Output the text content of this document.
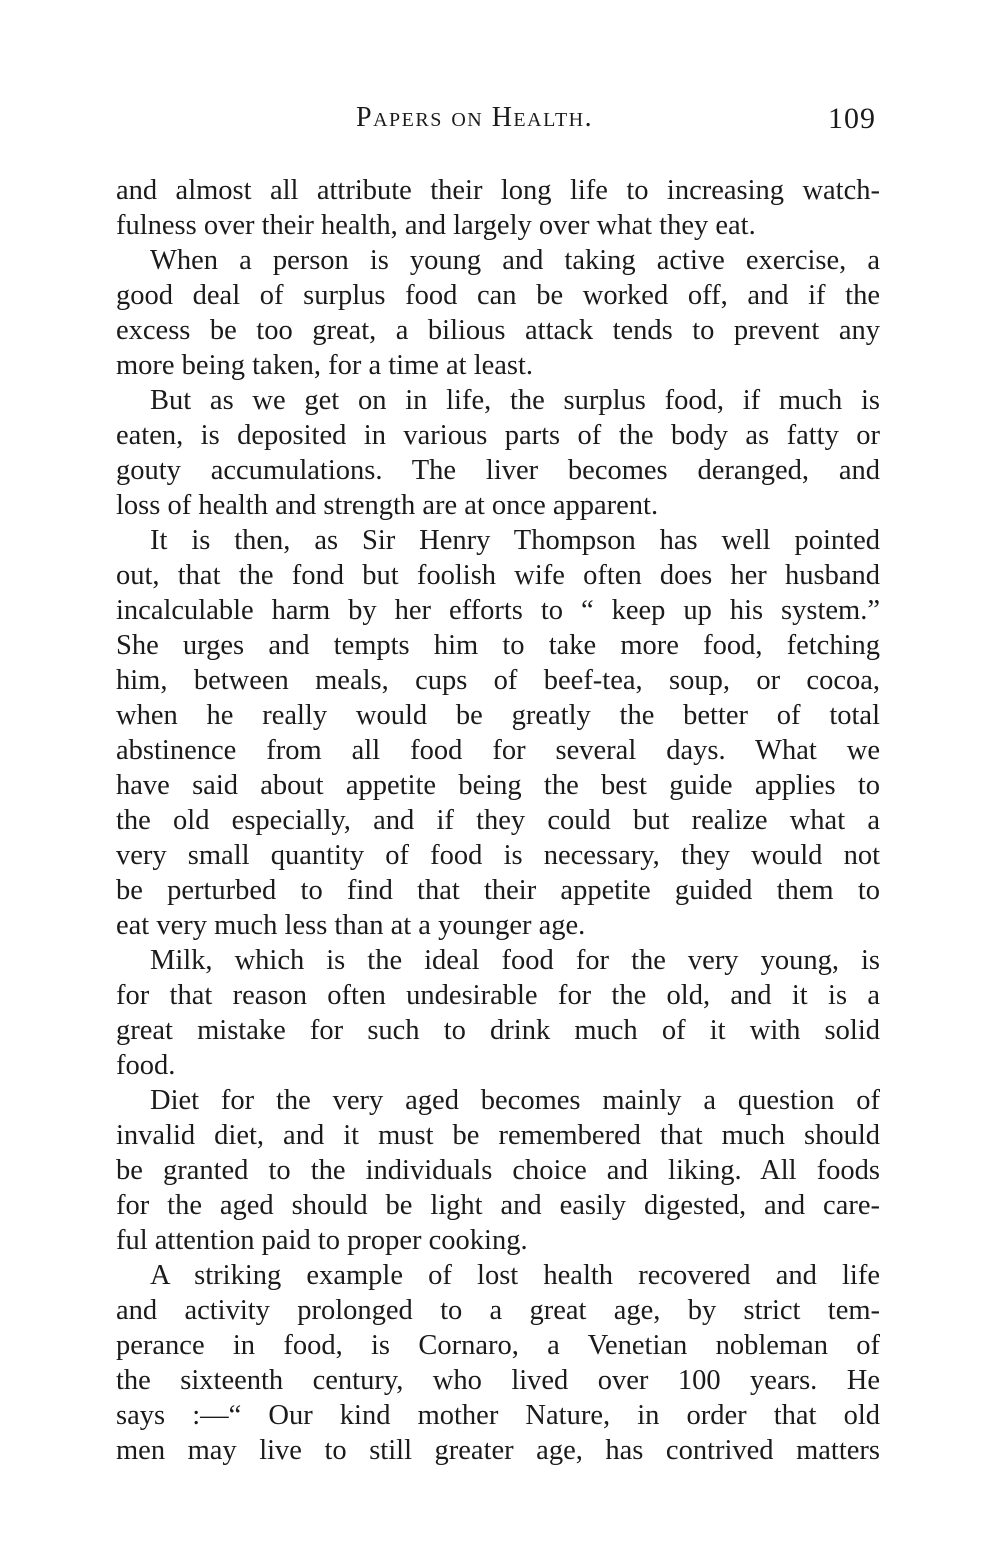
Papers on Health.	109
and almost all attribute their long life to increasing watch-
fulness over their health, and largely over what they eat.
When a person is young and taking active exercise, a
good deal of surplus food can be worked off, and if the
excess be too great, a bilious attack tends to prevent any
more being taken, for a time at least.
But as we get on in life, the surplus food, if much is
eaten, is deposited in various parts of the body as fatty or
gouty accumulations. The liver becomes deranged, and
loss of health and strength are at once apparent.
It is then, as Sir Henry Thompson has well pointed
out, that the fond but foolish wife often does her husband
incalculable harm by her efforts to “ keep up his system.”
She urges and tempts him to take more food, fetching
him, between meals, cups of beef-tea, soup, or cocoa,
when he really would be greatly the better of total
abstinence from all food for several days. What we
have said about appetite being the best guide applies to
the old especially, and if they could but realize what a
very small quantity of food is necessary, they would not
be perturbed to find that their appetite guided them to
eat very much less than at a younger age.
Milk, which is the ideal food for the very young, is
for that reason often undesirable for the old, and it is a
great mistake for such to drink much of it with solid
food.
Diet for the very aged becomes mainly a question of
invalid diet, and it must be remembered that much should
be granted to the individuals choice and liking. All foods
for the aged should be light and easily digested, and care-
ful attention paid to proper cooking.
A striking example of lost health recovered and life
and activity prolonged to a great age, by strict tem-
perance in food, is Cornaro, a Venetian nobleman of
the sixteenth century, who lived over 100 years. He
says :—“ Our kind mother Nature, in order that old
men may live to still greater age, has contrived matters
